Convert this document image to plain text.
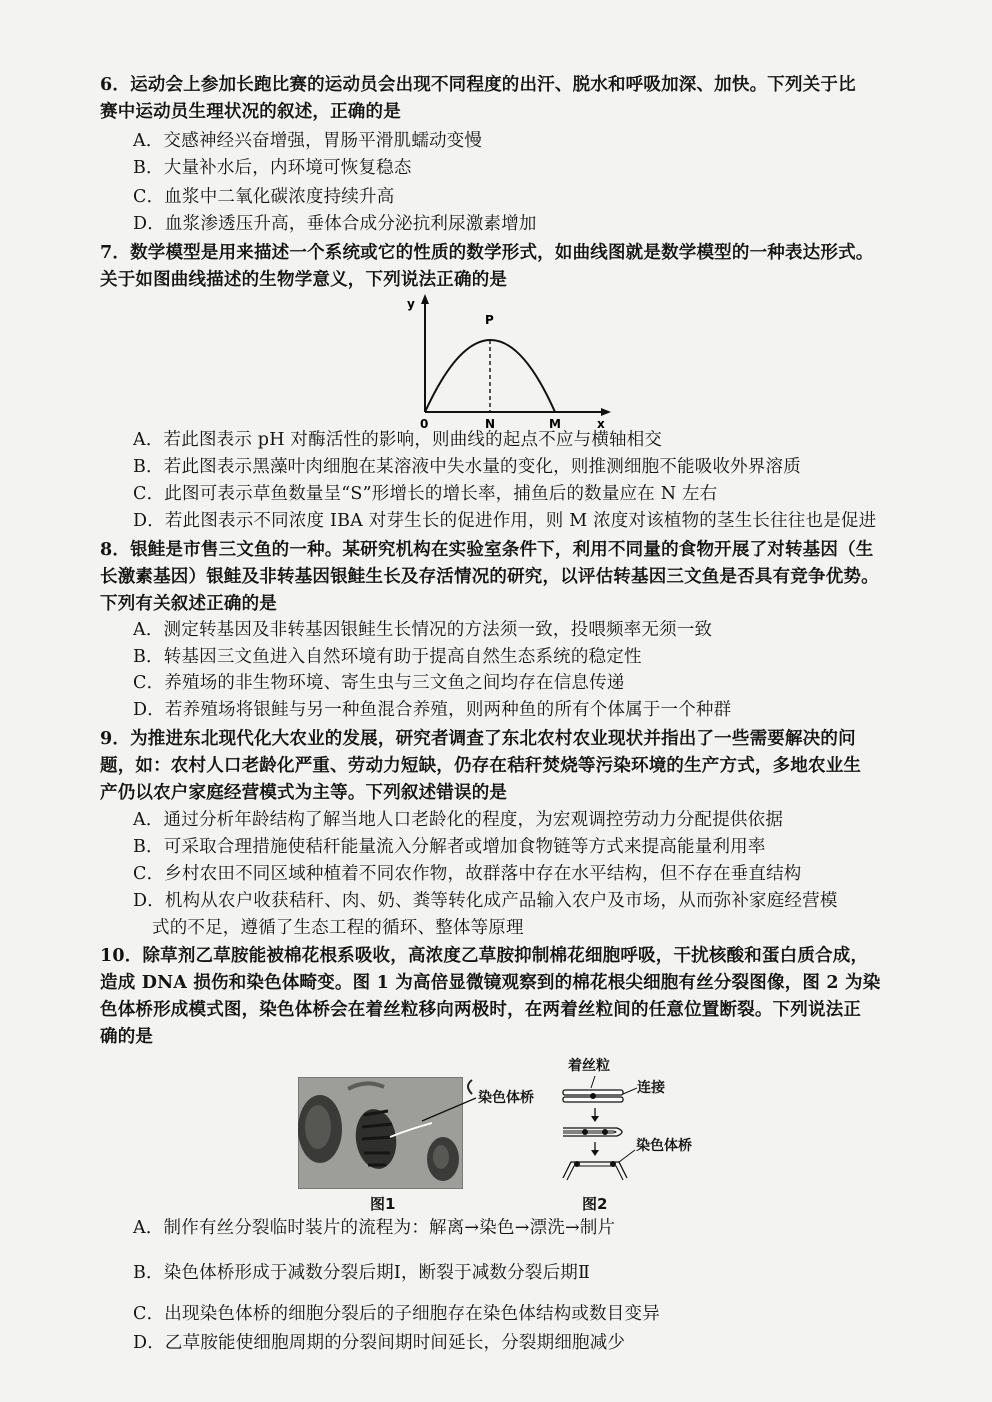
6．运动会上参加长跑比赛的运动员会出现不同程度的出汗、脱水和呼吸加深、加快。下列关于比
赛中运动员生理状况的叙述，正确的是
A．交感神经兴奋增强，胃肠平滑肌蠕动变慢
B．大量补水后，内环境可恢复稳态
C．血浆中二氧化碳浓度持续升高
D．血浆渗透压升高，垂体合成分泌抗利尿激素增加
7．数学模型是用来描述一个系统或它的性质的数学形式，如曲线图就是数学模型的一种表达形式。
关于如图曲线描述的生物学意义，下列说法正确的是
y
P
0	N	M	x
A．若此图表示 pH 对酶活性的影响，则曲线的起点不应与横轴相交
B．若此图表示黑藻叶肉细胞在某溶液中失水量的变化，则推测细胞不能吸收外界溶质
C．此图可表示草鱼数量呈“S”形增长的增长率，捕鱼后的数量应在 N 左右
D．若此图表示不同浓度 IBA 对芽生长的促进作用，则 M 浓度对该植物的茎生长往往也是促进
8．银鲑是市售三文鱼的一种。某研究机构在实验室条件下，利用不同量的食物开展了对转基因（生
长激素基因）银鲑及非转基因银鲑生长及存活情况的研究，以评估转基因三文鱼是否具有竞争优势。
下列有关叙述正确的是
A．测定转基因及非转基因银鲑生长情况的方法须一致，投喂频率无须一致
B．转基因三文鱼进入自然环境有助于提高自然生态系统的稳定性
C．养殖场的非生物环境、寄生虫与三文鱼之间均存在信息传递
D．若养殖场将银鲑与另一种鱼混合养殖，则两种鱼的所有个体属于一个种群
9．为推进东北现代化大农业的发展，研究者调查了东北农村农业现状并指出了一些需要解决的问
题，如：农村人口老龄化严重、劳动力短缺，仍存在秸秆焚烧等污染环境的生产方式，多地农业生
产仍以农户家庭经营模式为主等。下列叙述错误的是
A．通过分析年龄结构了解当地人口老龄化的程度，为宏观调控劳动力分配提供依据
B．可采取合理措施使秸秆能量流入分解者或增加食物链等方式来提高能量利用率
C．乡村农田不同区域种植着不同农作物，故群落中存在水平结构，但不存在垂直结构
D．机构从农户收获秸秆、肉、奶、粪等转化成产品输入农户及市场，从而弥补家庭经营模
式的不足，遵循了生态工程的循环、整体等原理
10．除草剂乙草胺能被棉花根系吸收，高浓度乙草胺抑制棉花细胞呼吸，干扰核酸和蛋白质合成，
造成 DNA 损伤和染色体畸变。图 1 为高倍显微镜观察到的棉花根尖细胞有丝分裂图像，图 2 为染
色体桥形成模式图，染色体桥会在着丝粒移向两极时，在两着丝粒间的任意位置断裂。下列说法正
确的是
染色体桥
图1
着丝粒
连接
染色体桥
图2
A．制作有丝分裂临时装片的流程为：解离→染色→漂洗→制片
B．染色体桥形成于减数分裂后期Ⅰ，断裂于减数分裂后期Ⅱ
C．出现染色体桥的细胞分裂后的子细胞存在染色体结构或数目变异
D．乙草胺能使细胞周期的分裂间期时间延长，分裂期细胞减少
